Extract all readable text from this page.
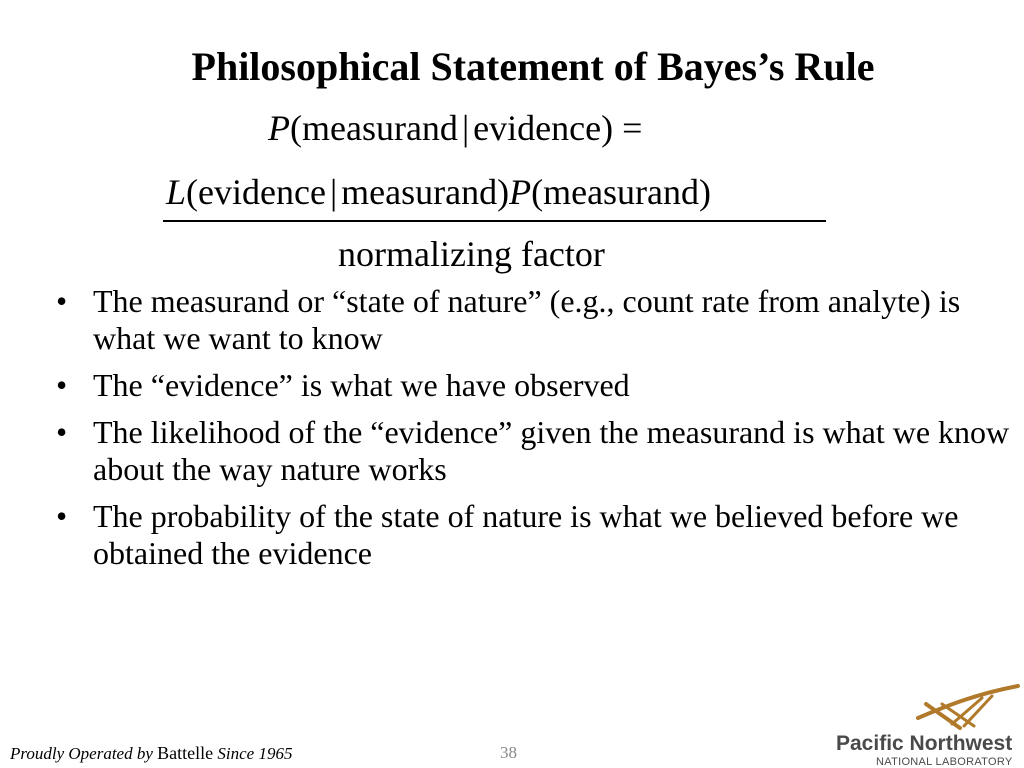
Philosophical Statement of Bayes’s Rule
P(measurand | evidence) =
L(evidence | measurand)P(measurand)
normalizing factor
• The measurand or “state of nature” (e.g., count rate from analyte) is what we want to know
• The “evidence” is what we have observed
• The likelihood of the “evidence” given the measurand is what we know about the way nature works
• The probability of the state of nature is what we believed before we obtained the evidence
Proudly Operated by Battelle Since 1965	38	Pacific Northwest
NATIONAL LABORATORY
